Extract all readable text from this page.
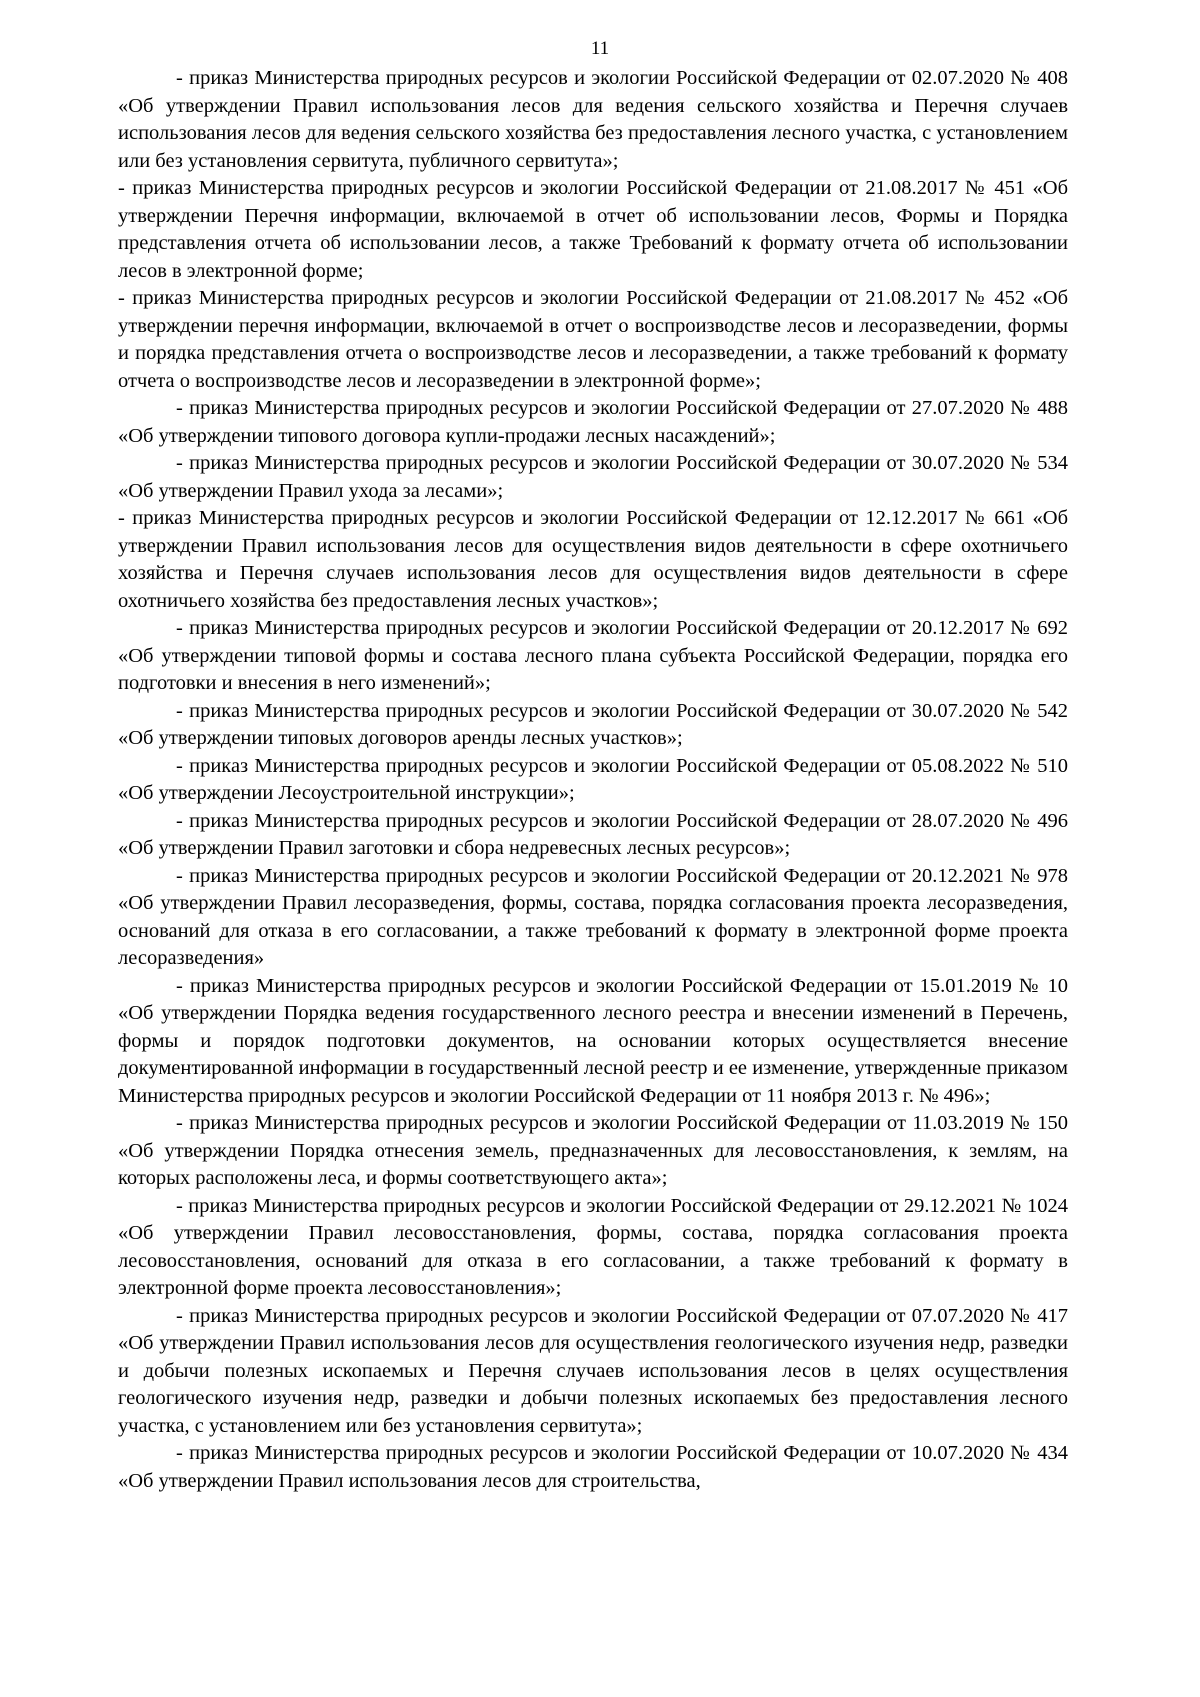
11

- приказ Министерства природных ресурсов и экологии Российской Федерации от 02.07.2020 № 408 «Об утверждении Правил использования лесов для ведения сельского хозяйства и Перечня случаев использования лесов для ведения сельского хозяйства без предоставления лесного участка, с установлением или без установления сервитута, публичного сервитута»;

- приказ Министерства природных ресурсов и экологии Российской Федерации от 21.08.2017 № 451 «Об утверждении Перечня информации, включаемой в отчет об использовании лесов, Формы и Порядка представления отчета об использовании лесов, а также Требований к формату отчета об использовании лесов в электронной форме;

- приказ Министерства природных ресурсов и экологии Российской Федерации от 21.08.2017 № 452 «Об утверждении перечня информации, включаемой в отчет о воспроизводстве лесов и лесоразведении, формы и порядка представления отчета о воспроизводстве лесов и лесоразведении, а также требований к формату отчета о воспроизводстве лесов и лесоразведении в электронной форме»;

- приказ Министерства природных ресурсов и экологии Российской Федерации от 27.07.2020 № 488 «Об утверждении типового договора купли-продажи лесных насаждений»;

- приказ Министерства природных ресурсов и экологии Российской Федерации от 30.07.2020 № 534 «Об утверждении Правил ухода за лесами»;

- приказ Министерства природных ресурсов и экологии Российской Федерации от 12.12.2017 № 661 «Об утверждении Правил использования лесов для осуществления видов деятельности в сфере охотничьего хозяйства и Перечня случаев использования лесов для осуществления видов деятельности в сфере охотничьего хозяйства без предоставления лесных участков»;

- приказ Министерства природных ресурсов и экологии Российской Федерации от 20.12.2017 № 692 «Об утверждении типовой формы и состава лесного плана субъекта Российской Федерации, порядка его подготовки и внесения в него изменений»;

- приказ Министерства природных ресурсов и экологии Российской Федерации от 30.07.2020 № 542 «Об утверждении типовых договоров аренды лесных участков»;

- приказ Министерства природных ресурсов и экологии Российской Федерации от 05.08.2022 № 510 «Об утверждении Лесоустроительной инструкции»;

- приказ Министерства природных ресурсов и экологии Российской Федерации от 28.07.2020 № 496 «Об утверждении Правил заготовки и сбора недревесных лесных ресурсов»;

- приказ Министерства природных ресурсов и экологии Российской Федерации от 20.12.2021 № 978 «Об утверждении Правил лесоразведения, формы, состава, порядка согласования проекта лесоразведения, оснований для отказа в его согласовании, а также требований к формату в электронной форме проекта лесоразведения»

- приказ Министерства природных ресурсов и экологии Российской Федерации от 15.01.2019 № 10 «Об утверждении Порядка ведения государственного лесного реестра и внесении изменений в Перечень, формы и порядок подготовки документов, на основании которых осуществляется внесение документированной информации в государственный лесной реестр и ее изменение, утвержденные приказом Министерства природных ресурсов и экологии Российской Федерации от 11 ноября 2013 г. № 496»;

- приказ Министерства природных ресурсов и экологии Российской Федерации от 11.03.2019 № 150 «Об утверждении Порядка отнесения земель, предназначенных для лесовосстановления, к землям, на которых расположены леса, и формы соответствующего акта»;

- приказ Министерства природных ресурсов и экологии Российской Федерации от 29.12.2021 № 1024 «Об утверждении Правил лесовосстановления, формы, состава, порядка согласования проекта лесовосстановления, оснований для отказа в его согласовании, а также требований к формату в электронной форме проекта лесовосстановления»;

- приказ Министерства природных ресурсов и экологии Российской Федерации от 07.07.2020 № 417 «Об утверждении Правил использования лесов для осуществления геологического изучения недр, разведки и добычи полезных ископаемых и Перечня случаев использования лесов в целях осуществления геологического изучения недр, разведки и добычи полезных ископаемых без предоставления лесного участка, с установлением или без установления сервитута»;

- приказ Министерства природных ресурсов и экологии Российской Федерации от 10.07.2020 № 434 «Об утверждении Правил использования лесов для строительства,
